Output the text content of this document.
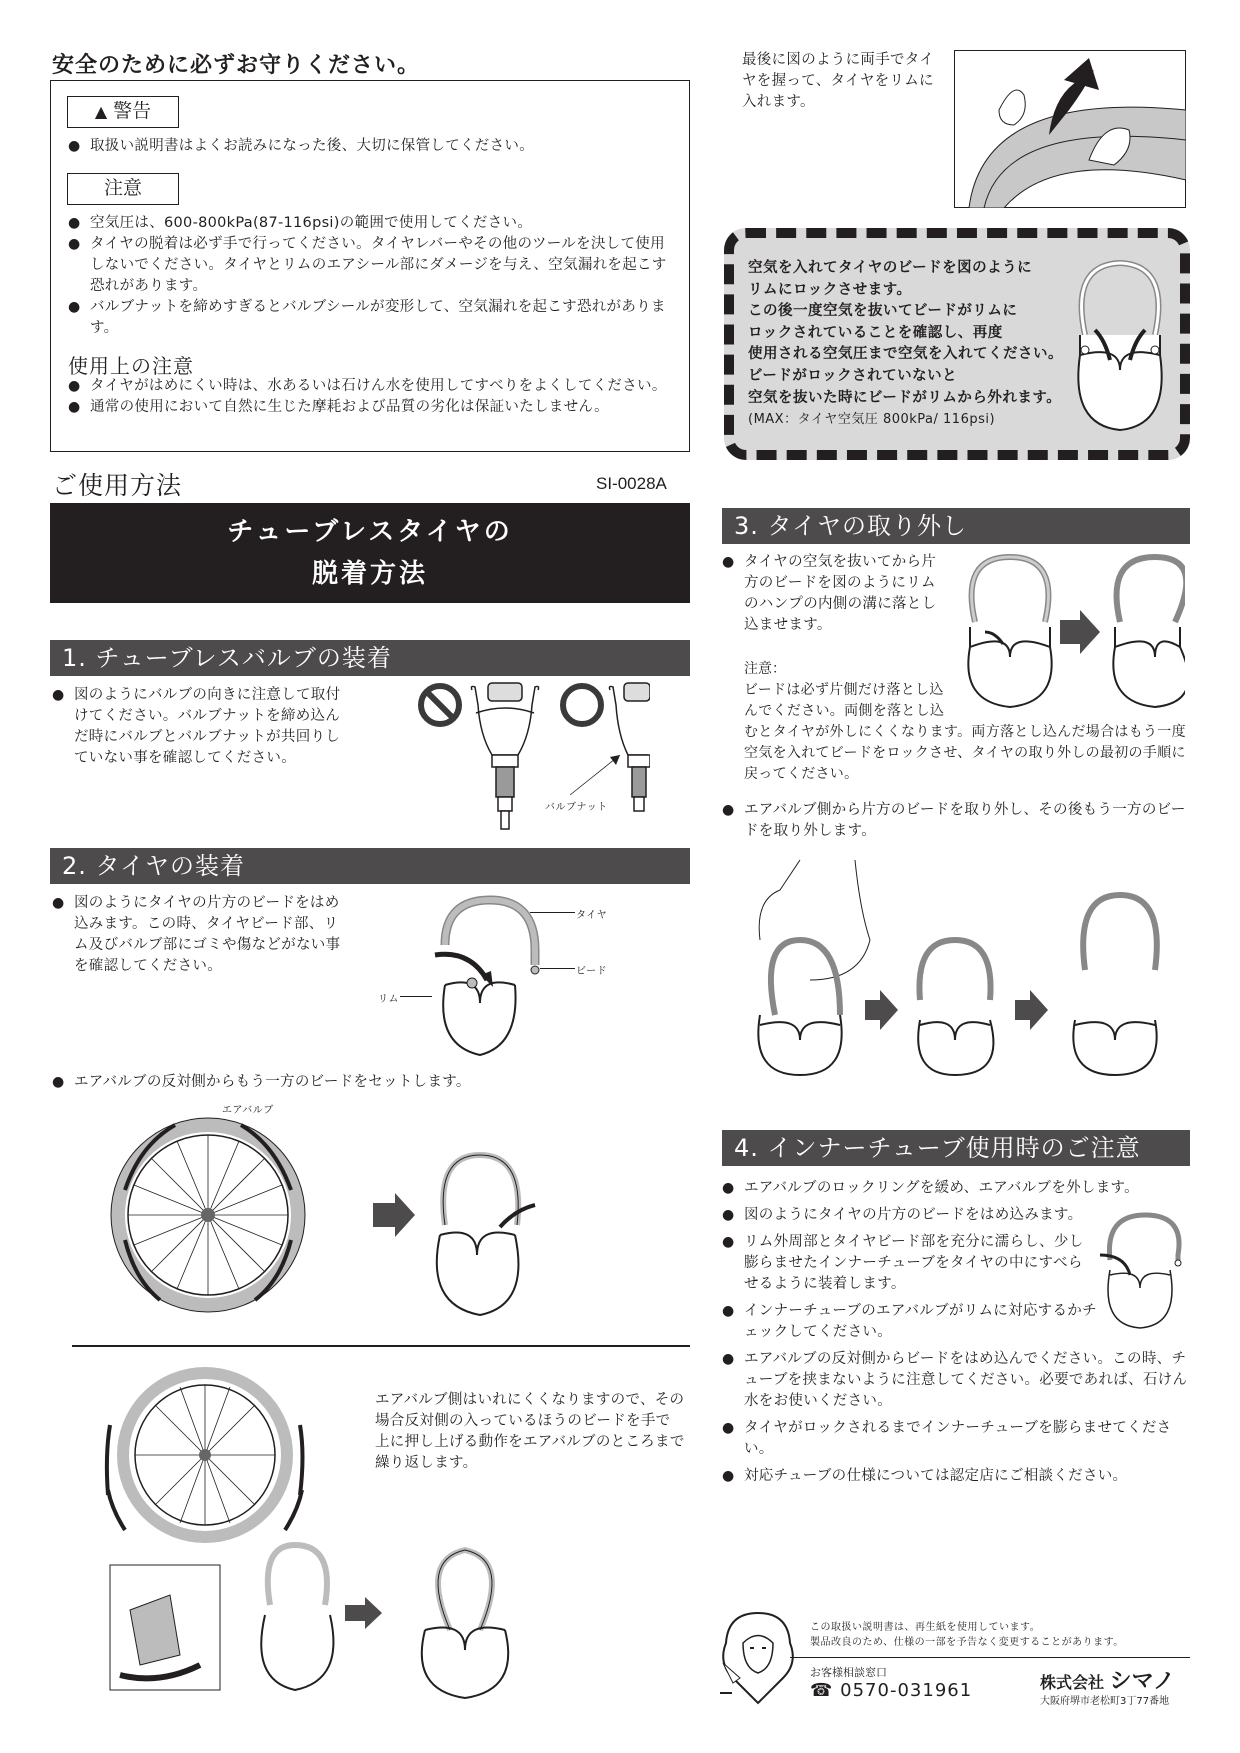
安全のために必ずお守りください。
▲ 警告
● 取扱い説明書はよくお読みになった後、大切に保管してください。
注意
● 空気圧は、600-800kPa(87-116psi)の範囲で使用してください。
● タイヤの脱着は必ず手で行ってください。タイヤレバーやその他のツールを決して使用しないでください。タイヤとリムのエアシール部にダメージを与え、空気漏れを起こす恐れがあります。
● バルブナットを締めすぎるとバルブシールが変形して、空気漏れを起こす恐れがあります。
使用上の注意
● タイヤがはめにくい時は、水あるいは石けん水を使用してすべりをよくしてください。
● 通常の使用において自然に生じた摩耗および品質の劣化は保証いたしません。
ご使用方法	SI-0028A
チューブレスタイヤの
脱着方法
1. チューブレスバルブの装着
● 図のようにバルブの向きに注意して取付けてください。バルブナットを締め込んだ時にバルブとバルブナットが共回りしていない事を確認してください。
バルブナット
2. タイヤの装着
● 図のようにタイヤの片方のビードをはめ込みます。この時、タイヤビード部、リム及びバルブ部にゴミや傷などがない事を確認してください。
タイヤ
ビード
リム
● エアバルブの反対側からもう一方のビードをセットします。
エアバルブ
エアバルブ側はいれにくくなりますので、その場合反対側の入っているほうのビードを手で上に押し上げる動作をエアバルブのところまで繰り返します。
最後に図のように両手でタイヤを握って、タイヤをリムに入れます。
空気を入れてタイヤのビードを図のように
リムにロックさせます。
この後一度空気を抜いてビードがリムに
ロックされていることを確認し、再度
使用される空気圧まで空気を入れてください。
ビードがロックされていないと
空気を抜いた時にビードがリムから外れます。
(MAX：タイヤ空気圧 800kPa/ 116psi)
3. タイヤの取り外し
● タイヤの空気を抜いてから片方のビードを図のようにリムのハンプの内側の溝に落とし込ませます。
注意：
ビードは必ず片側だけ落とし込んでください。両側を落とし込
むとタイヤが外しにくくなります。両方落とし込んだ場合はもう一度空気を入れてビードをロックさせ、タイヤの取り外しの最初の手順に戻ってください。
● エアバルブ側から片方のビードを取り外し、その後もう一方のビードを取り外します。
4. インナーチューブ使用時のご注意
● エアバルブのロックリングを緩め、エアバルブを外します。
● 図のようにタイヤの片方のビードをはめ込みます。
● リム外周部とタイヤビード部を充分に濡らし、少し膨らませたインナーチューブをタイヤの中にすべらせるように装着します。
● インナーチューブのエアバルブがリムに対応するかチェックしてください。
● エアバルブの反対側からビードをはめ込んでください。この時、チューブを挟まないように注意してください。必要であれば、石けん水をお使いください。
● タイヤがロックされるまでインナーチューブを膨らませてください。
● 対応チューブの仕様については認定店にご相談ください。
この取扱い説明書は、再生紙を使用しています。
製品改良のため、仕様の一部を予告なく変更することがあります。
お客様相談窓口
☎ 0570-031961	株式会社 シマノ
大阪府堺市老松町3丁77番地
